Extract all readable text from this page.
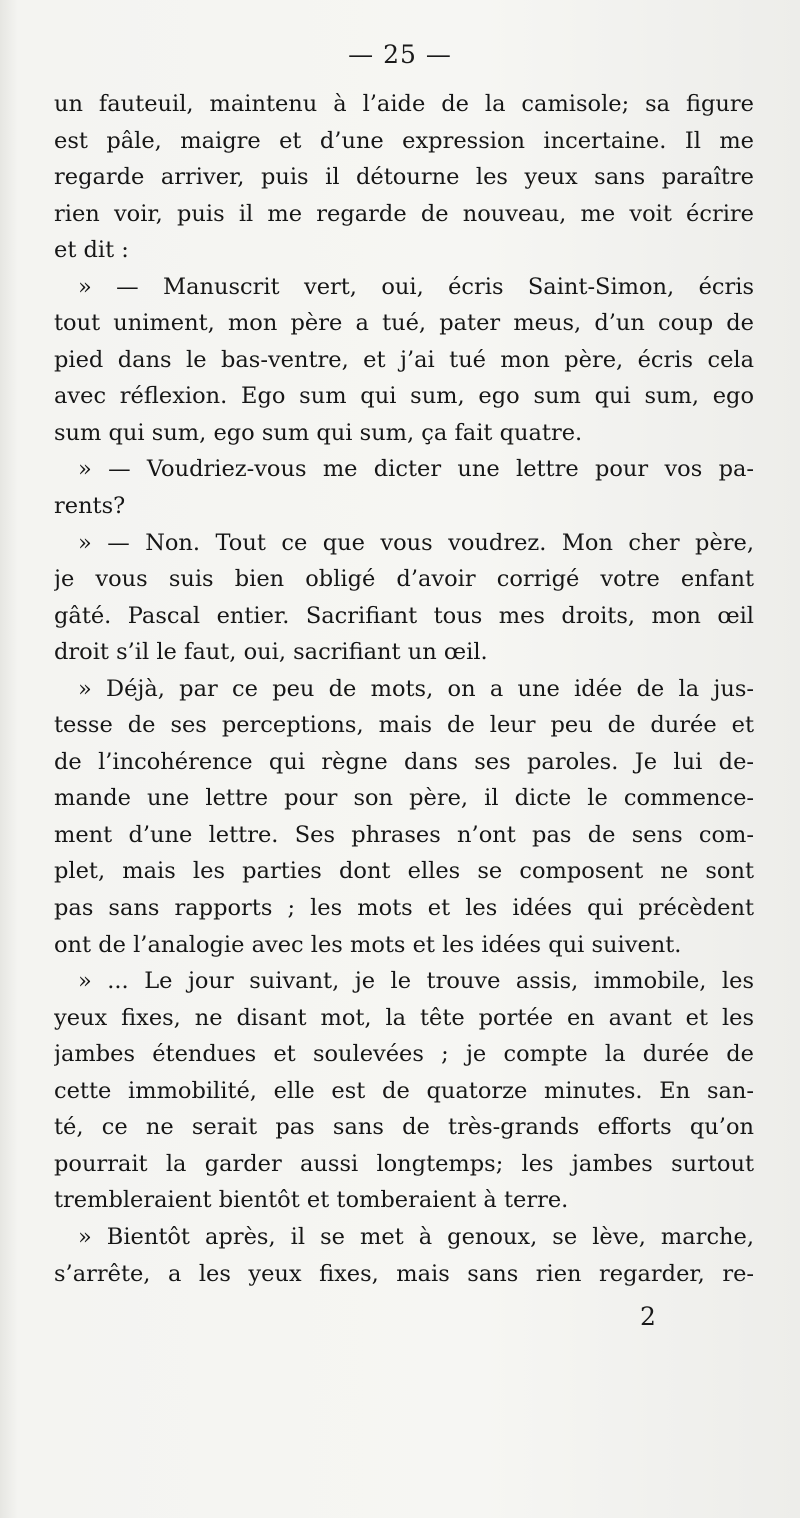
— 25 —
un fauteuil, maintenu à l’aide de la camisole; sa figure
est pâle, maigre et d’une expression incertaine. Il me
regarde arriver, puis il détourne les yeux sans paraître
rien voir, puis il me regarde de nouveau, me voit écrire
et dit :
» — Manuscrit vert, oui, écris Saint-Simon, écris
tout uniment, mon père a tué, pater meus, d’un coup de
pied dans le bas-ventre, et j’ai tué mon père, écris cela
avec réflexion. Ego sum qui sum, ego sum qui sum, ego
sum qui sum, ego sum qui sum, ça fait quatre.
» — Voudriez-vous me dicter une lettre pour vos pa-
rents?
» — Non. Tout ce que vous voudrez. Mon cher père,
je vous suis bien obligé d’avoir corrigé votre enfant
gâté. Pascal entier. Sacrifiant tous mes droits, mon œil
droit s’il le faut, oui, sacrifiant un œil.
» Déjà, par ce peu de mots, on a une idée de la jus-
tesse de ses perceptions, mais de leur peu de durée et
de l’incohérence qui règne dans ses paroles. Je lui de-
mande une lettre pour son père, il dicte le commence-
ment d’une lettre. Ses phrases n’ont pas de sens com-
plet, mais les parties dont elles se composent ne sont
pas sans rapports ; les mots et les idées qui précèdent
ont de l’analogie avec les mots et les idées qui suivent.
» ... Le jour suivant, je le trouve assis, immobile, les
yeux fixes, ne disant mot, la tête portée en avant et les
jambes étendues et soulevées ; je compte la durée de
cette immobilité, elle est de quatorze minutes. En san-
té, ce ne serait pas sans de très-grands efforts qu’on
pourrait la garder aussi longtemps; les jambes surtout
trembleraient bientôt et tomberaient à terre.
» Bientôt après, il se met à genoux, se lève, marche,
s’arrête, a les yeux fixes, mais sans rien regarder, re-
2
